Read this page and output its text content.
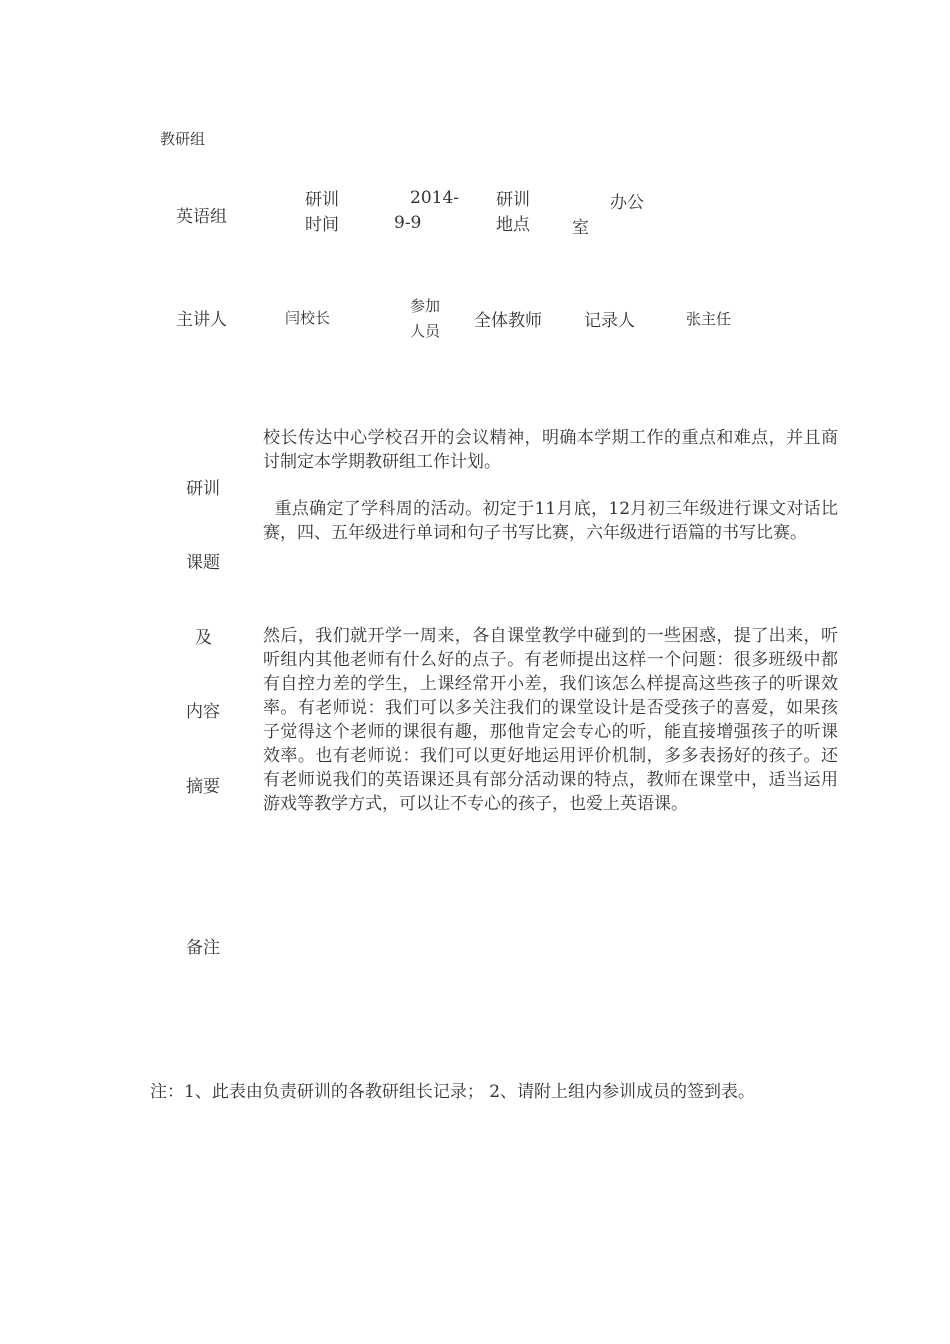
教研组
英语组
研训
时间
2014-
9-9
研训
地点
办公
室
主讲人	闫校长
参加
人员 全体教师 记录人	张主任
研训
课题
及
内容
摘要
校长传达中心学校召开的会议精神，明确本学期工作的重点和难点，并且商讨制定本学期教研组工作计划。
重点确定了学科周的活动。初定于11月底，12月初三年级进行课文对话比赛，四、五年级进行单词和句子书写比赛，六年级进行语篇的书写比赛。
然后，我们就开学一周来，各自课堂教学中碰到的一些困惑，提了出来，听听组内其他老师有什么好的点子。有老师提出这样一个问题：很多班级中都有自控力差的学生，上课经常开小差，我们该怎么样提高这些孩子的听课效率。有老师说：我们可以多关注我们的课堂设计是否受孩子的喜爱，如果孩子觉得这个老师的课很有趣，那他肯定会专心的听，能直接增强孩子的听课效率。也有老师说：我们可以更好地运用评价机制，多多表扬好的孩子。还有老师说我们的英语课还具有部分活动课的特点，教师在课堂中，适当运用游戏等教学方式，可以让不专心的孩子，也爱上英语课。
备注
注：1、此表由负责研训的各教研组长记录； 2、请附上组内参训成员的签到表。
